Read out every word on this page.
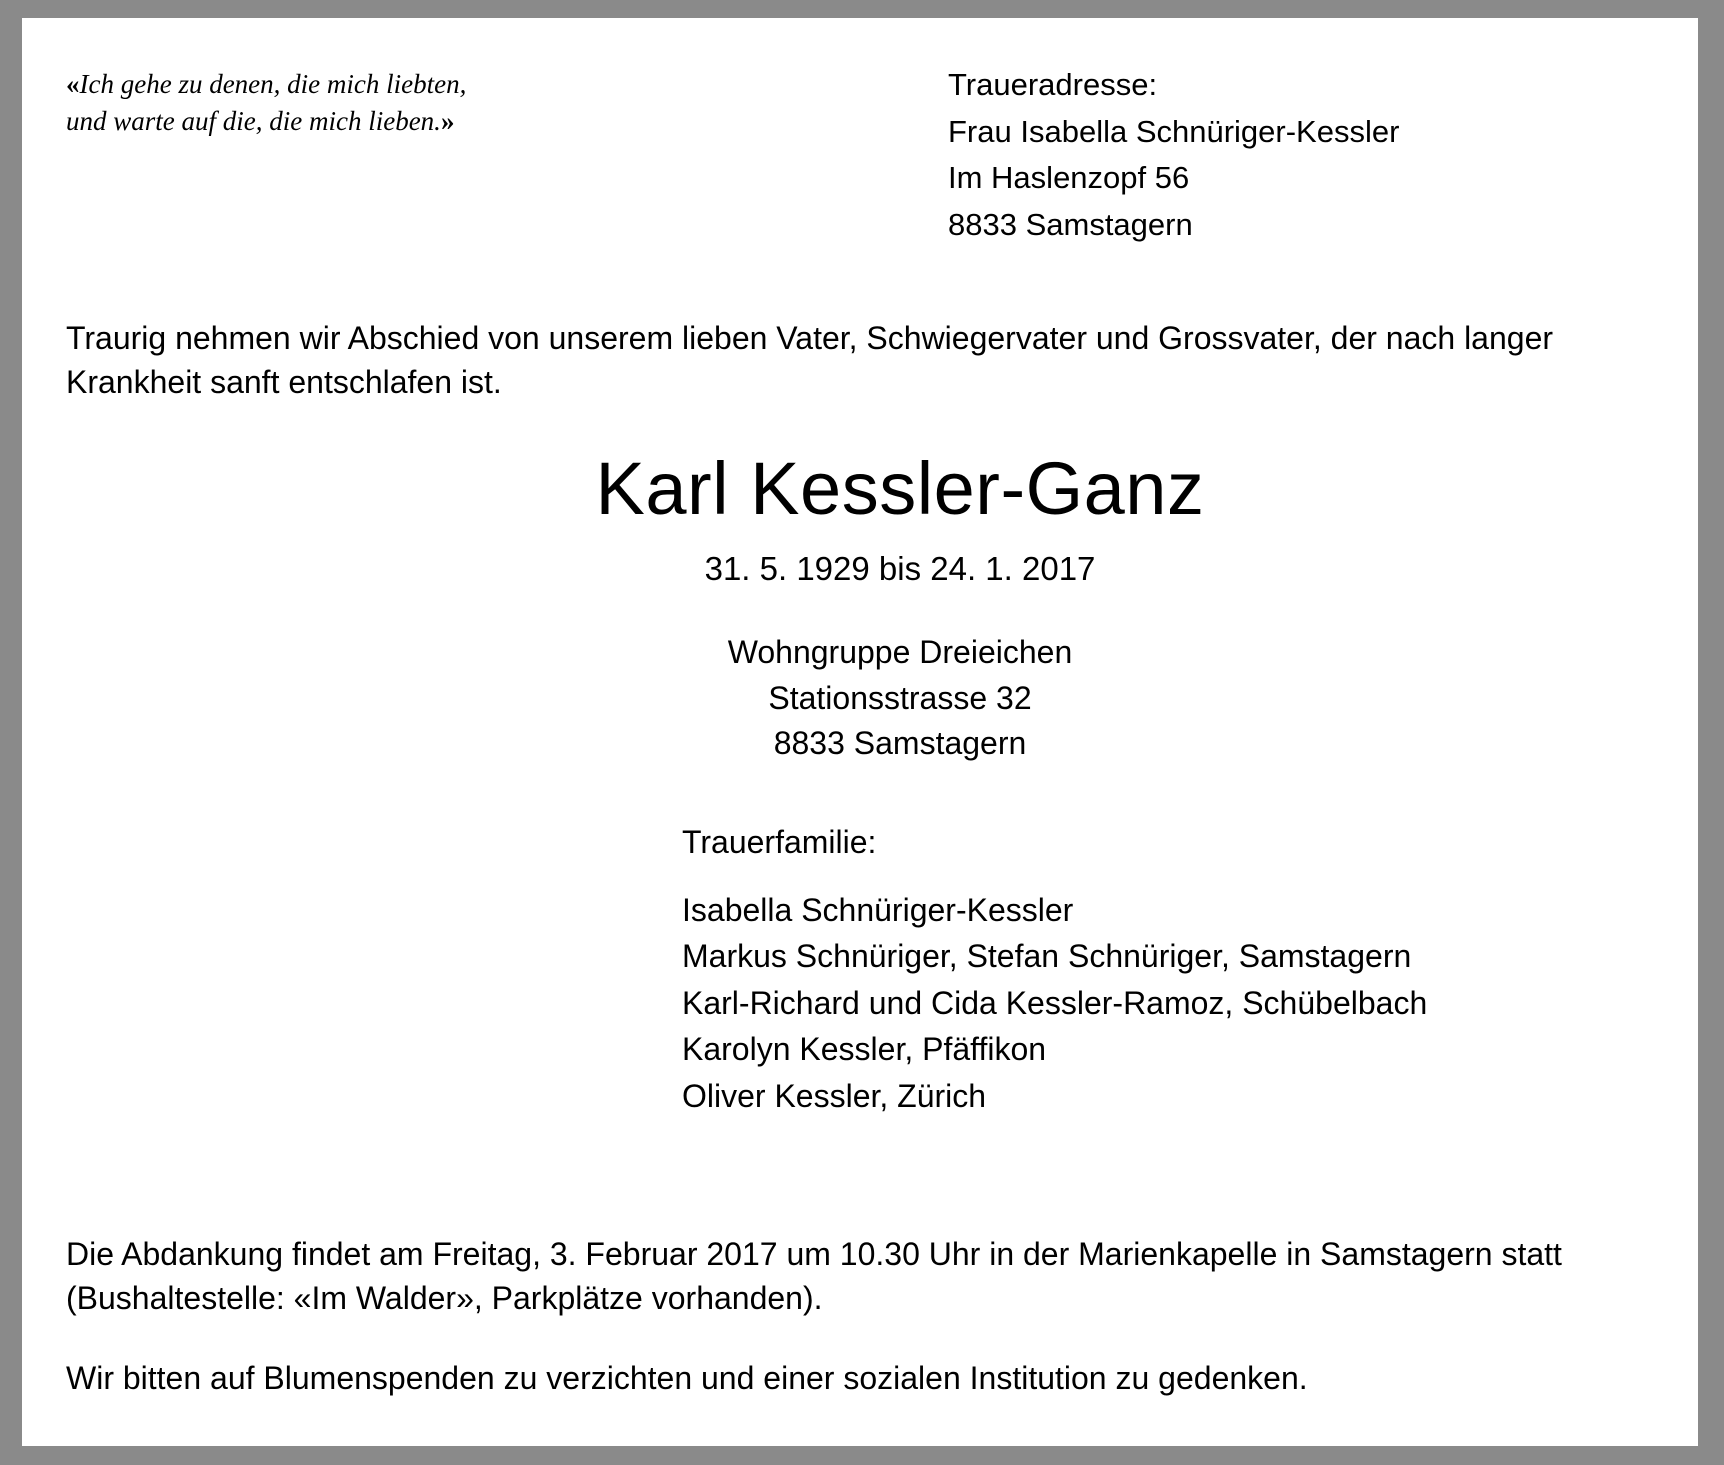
«Ich gehe zu denen, die mich liebten,
und warte auf die, die mich lieben.»
Traueradresse:
Frau Isabella Schnüriger-Kessler
Im Haslenzopf 56
8833 Samstagern
Traurig nehmen wir Abschied von unserem lieben Vater, Schwiegervater und Grossvater, der nach langer Krankheit sanft entschlafen ist.
Karl Kessler-Ganz
31. 5. 1929 bis 24. 1. 2017
Wohngruppe Dreieichen
Stationsstrasse 32
8833 Samstagern
Trauerfamilie:
Isabella Schnüriger-Kessler
Markus Schnüriger, Stefan Schnüriger, Samstagern
Karl-Richard und Cida Kessler-Ramoz, Schübelbach
Karolyn Kessler, Pfäffikon
Oliver Kessler, Zürich

Die Abdankung findet am Freitag, 3. Februar 2017 um 10.30 Uhr in der Marienkapelle in Samstagern statt (Bushaltestelle: «Im Walder», Parkplätze vorhanden).

Wir bitten auf Blumenspenden zu verzichten und einer sozialen Institution zu gedenken.
